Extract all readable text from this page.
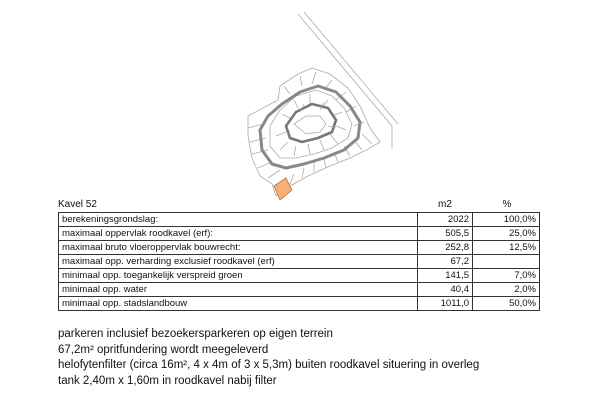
Kavel 52	m2	%
berekeningsgrondslag:	2022	100,0%
maximaal oppervlak roodkavel (erf):	505,5	25,0%
maximaal bruto vloeroppervlak bouwrecht:	252,8	12,5%
maximaal opp. verharding exclusief roodkavel (erf)	67,2	
minimaal opp. toegankelijk verspreid groen	141,5	7,0%
minimaal opp. water	40,4	2,0%
minimaal opp. stadslandbouw	1011,0	50,0%
parkeren inclusief bezoekersparkeren op eigen terrein
67,2m² opritfundering wordt meegeleverd
helofytenfilter (circa 16m², 4 x 4m of 3 x 5,3m) buiten roodkavel situering in overleg
tank 2,40m x 1,60m in roodkavel nabij filter
